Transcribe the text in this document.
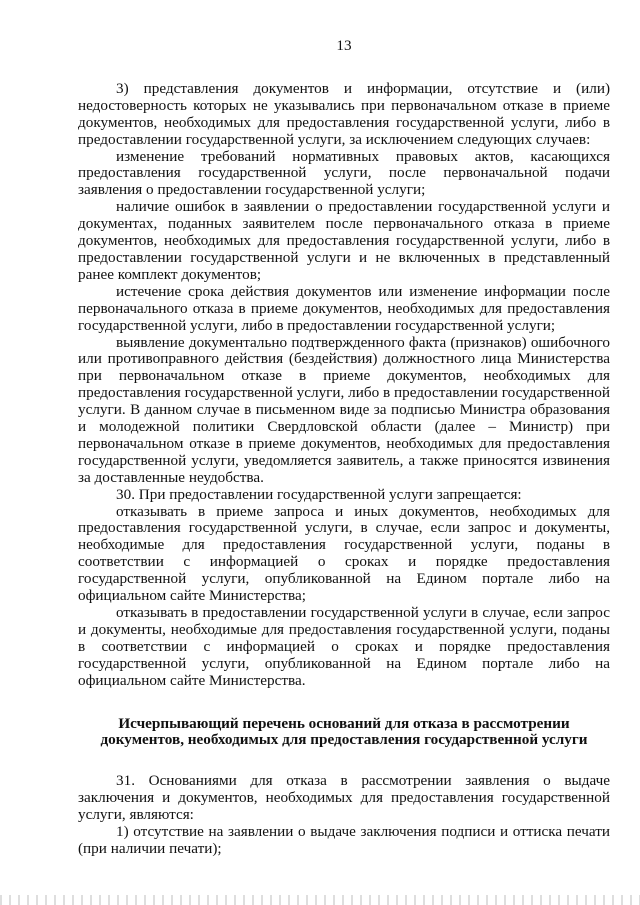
13

3) представления документов и информации, отсутствие и (или) недостоверность которых не указывались при первоначальном отказе в приеме документов, необходимых для предоставления государственной услуги, либо в предоставлении государственной услуги, за исключением следующих случаев:

изменение требований нормативных правовых актов, касающихся предоставления государственной услуги, после первоначальной подачи заявления о предоставлении государственной услуги;

наличие ошибок в заявлении о предоставлении государственной услуги и документах, поданных заявителем после первоначального отказа в приеме документов, необходимых для предоставления государственной услуги, либо в предоставлении государственной услуги и не включенных в представленный ранее комплект документов;

истечение срока действия документов или изменение информации после первоначального отказа в приеме документов, необходимых для предоставления государственной услуги, либо в предоставлении государственной услуги;

выявление документально подтвержденного факта (признаков) ошибочного или противоправного действия (бездействия) должностного лица Министерства при первоначальном отказе в приеме документов, необходимых для предоставления государственной услуги, либо в предоставлении государственной услуги. В данном случае в письменном виде за подписью Министра образования и молодежной политики Свердловской области (далее – Министр) при первоначальном отказе в приеме документов, необходимых для предоставления государственной услуги, уведомляется заявитель, а также приносятся извинения за доставленные неудобства.

30. При предоставлении государственной услуги запрещается:

отказывать в приеме запроса и иных документов, необходимых для предоставления государственной услуги, в случае, если запрос и документы, необходимые для предоставления государственной услуги, поданы в соответствии с информацией о сроках и порядке предоставления государственной услуги, опубликованной на Едином портале либо на официальном сайте Министерства;

отказывать в предоставлении государственной услуги в случае, если запрос и документы, необходимые для предоставления государственной услуги, поданы в соответствии с информацией о сроках и порядке предоставления государственной услуги, опубликованной на Едином портале либо на официальном сайте Министерства.

Исчерпывающий перечень оснований для отказа в рассмотрении
документов, необходимых для предоставления государственной услуги

31. Основаниями для отказа в рассмотрении заявления о выдаче заключения и документов, необходимых для предоставления государственной услуги, являются:

1) отсутствие на заявлении о выдаче заключения подписи и оттиска печати (при наличии печати);
